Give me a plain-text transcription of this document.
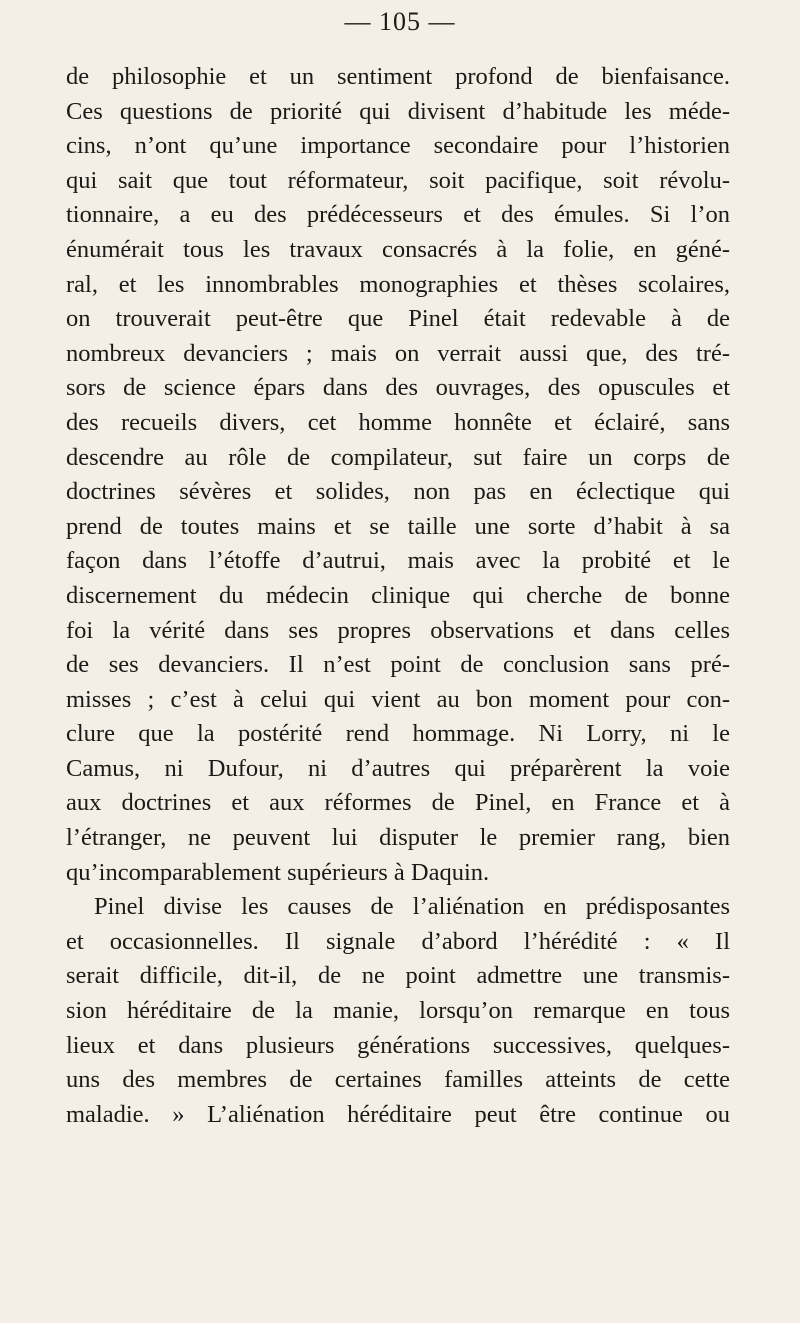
— 105 —
de philosophie et un sentiment profond de bienfaisance.
Ces questions de priorité qui divisent d’habitude les méde-
cins, n’ont qu’une importance secondaire pour l’historien
qui sait que tout réformateur, soit pacifique, soit révolu-
tionnaire, a eu des prédécesseurs et des émules. Si l’on
énumérait tous les travaux consacrés à la folie, en géné-
ral, et les innombrables monographies et thèses scolaires,
on trouverait peut-être que Pinel était redevable à de
nombreux devanciers ; mais on verrait aussi que, des tré-
sors de science épars dans des ouvrages, des opuscules et
des recueils divers, cet homme honnête et éclairé, sans
descendre au rôle de compilateur, sut faire un corps de
doctrines sévères et solides, non pas en éclectique qui
prend de toutes mains et se taille une sorte d’habit à sa
façon dans l’étoffe d’autrui, mais avec la probité et le
discernement du médecin clinique qui cherche de bonne
foi la vérité dans ses propres observations et dans celles
de ses devanciers. Il n’est point de conclusion sans pré-
misses ; c’est à celui qui vient au bon moment pour con-
clure que la postérité rend hommage. Ni Lorry, ni le
Camus, ni Dufour, ni d’autres qui préparèrent la voie
aux doctrines et aux réformes de Pinel, en France et à
l’étranger, ne peuvent lui disputer le premier rang, bien
qu’incomparablement supérieurs à Daquin.
Pinel divise les causes de l’aliénation en prédisposantes
et occasionnelles. Il signale d’abord l’hérédité : « Il
serait difficile, dit-il, de ne point admettre une transmis-
sion héréditaire de la manie, lorsqu’on remarque en tous
lieux et dans plusieurs générations successives, quelques-
uns des membres de certaines familles atteints de cette
maladie. » L’aliénation héréditaire peut être continue ou
